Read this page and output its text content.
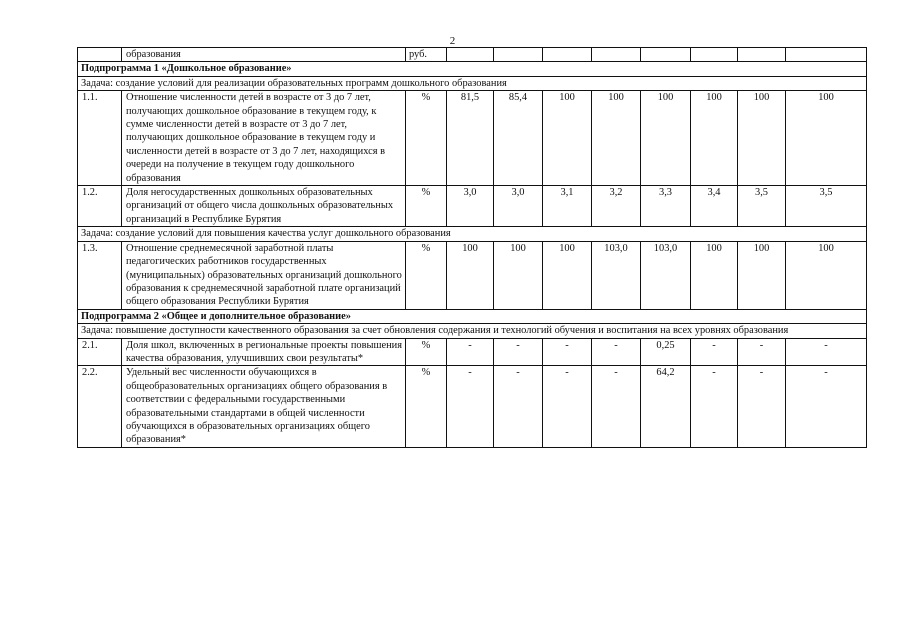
2
	образования	руб.								
Подпрограмма 1 «Дошкольное образование»										
Задача: создание условий для реализации образовательных программ дошкольного образования										
1.1.	Отношение численности детей в возрасте от 3 до 7 лет, получающих дошкольное образование в текущем году, к сумме численности детей в возрасте от 3 до 7 лет, получающих дошкольное образование в текущем году и численности детей в возрасте от 3 до 7 лет, находящихся в очереди на получение в текущем году дошкольного образования	%	81,5	85,4	100	100	100	100	100	100
1.2.	Доля негосударственных дошкольных образовательных организаций от общего числа дошкольных образовательных организаций в Республике Бурятия	%	3,0	3,0	3,1	3,2	3,3	3,4	3,5	3,5
Задача: создание условий для повышения качества услуг дошкольного образования										
1.3.	Отношение среднемесячной заработной платы педагогических работников государственных (муниципальных) образовательных организаций дошкольного образования к среднемесячной заработной плате организаций общего образования Республики Бурятия	%	100	100	100	103,0	103,0	100	100	100
Подпрограмма 2 «Общее и дополнительное образование»										
Задача: повышение доступности качественного образования за счет обновления содержания и технологий обучения и воспитания на всех уровнях образования										
2.1.	Доля школ, включенных в региональные проекты повышения качества образования, улучшивших свои результаты*	%	-	-	-	-	0,25	-	-	-
2.2.	Удельный вес численности обучающихся в общеобразовательных организациях общего образования в соответствии с федеральными государственными образовательными стандартами в общей численности обучающихся в образовательных организациях общего образования*	%	-	-	-	-	64,2	-	-	-
